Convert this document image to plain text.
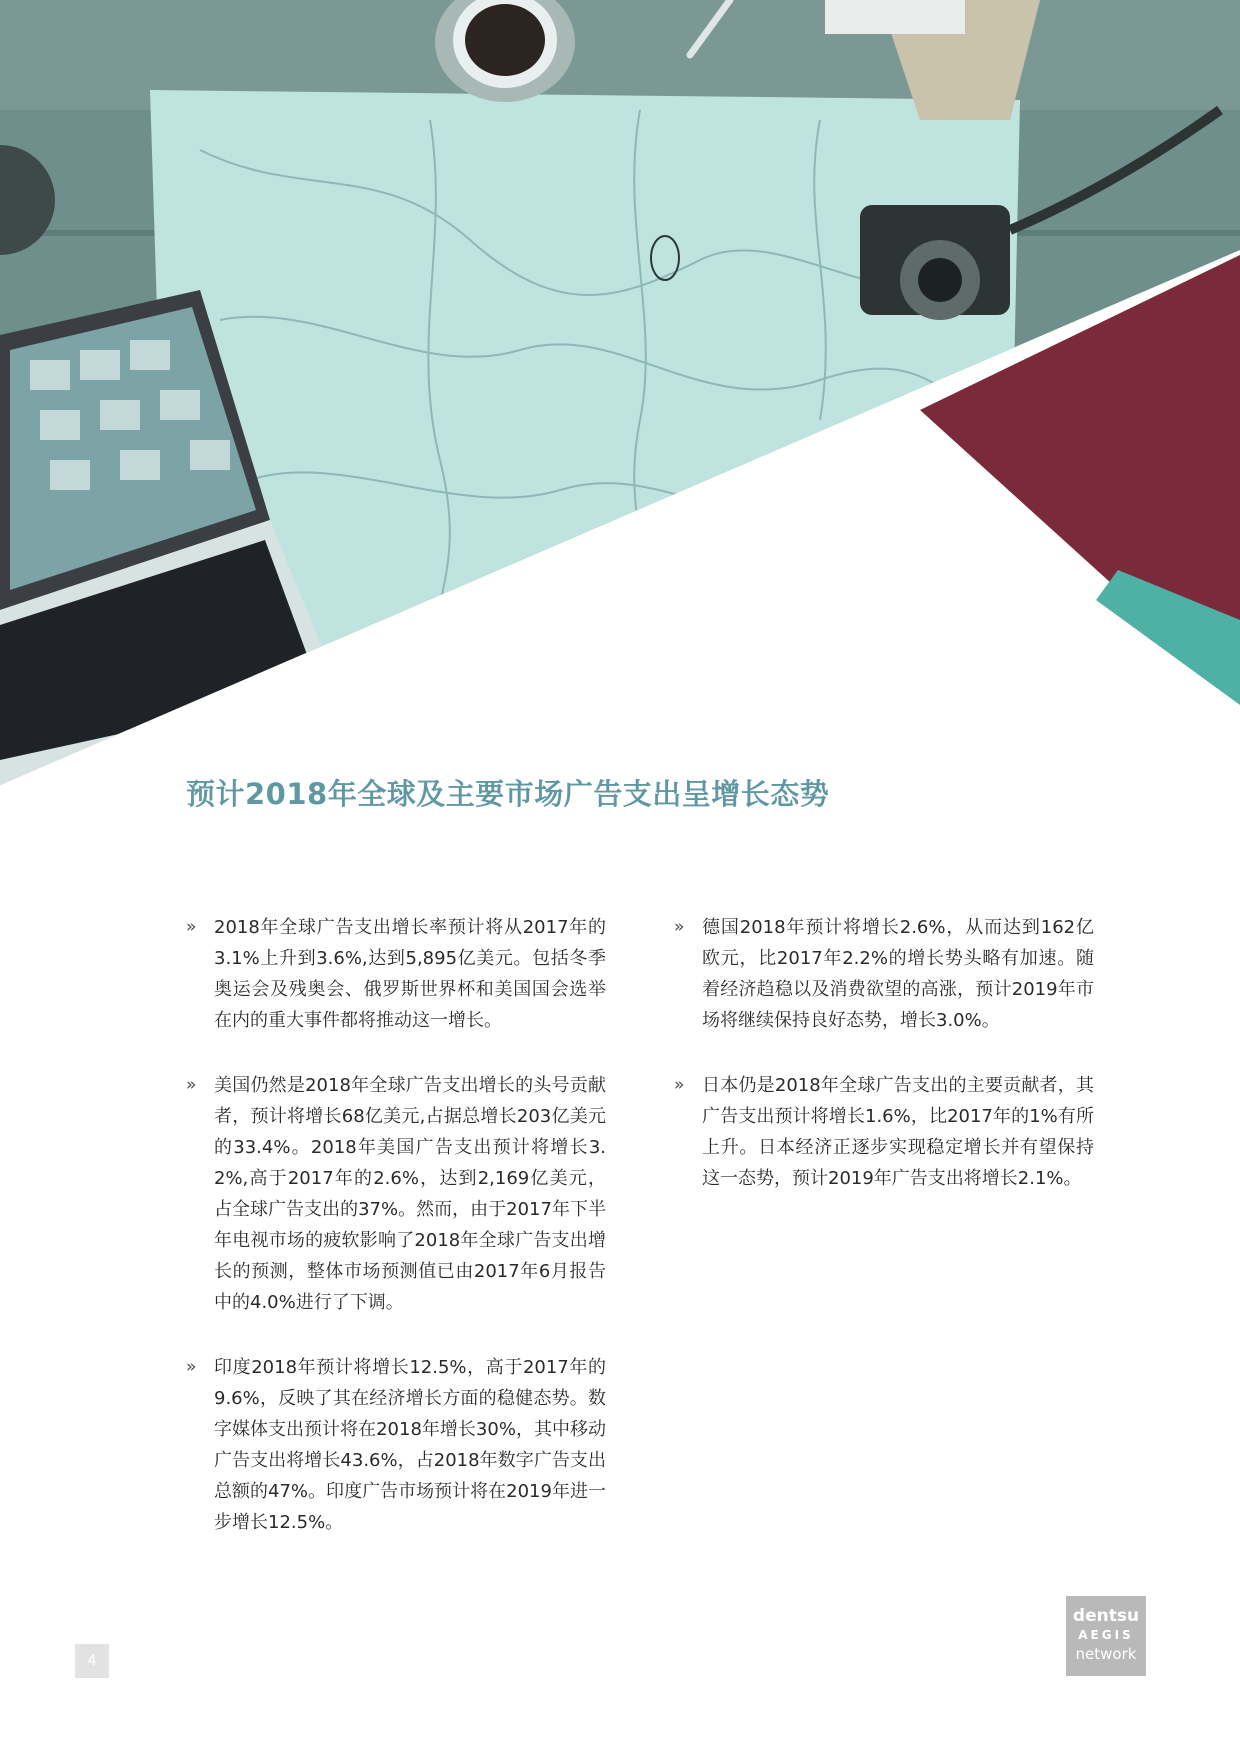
预计2018年全球及主要市场广告支出呈增长态势
» 2018年全球广告支出增长率预计将从2017年的3.1%上升到3.6%,达到5,895亿美元。包括冬季奥运会及残奥会、俄罗斯世界杯和美国国会选举在内的重大事件都将推动这一增长。

» 美国仍然是2018年全球广告支出增长的头号贡献者，预计将增长68亿美元,占据总增长203亿美元的33.4%。2018年美国广告支出预计将增长3.2%,高于2017年的2.6%，达到2,169亿美元，占全球广告支出的37%。然而，由于2017年下半年电视市场的疲软影响了2018年全球广告支出增长的预测，整体市场预测值已由2017年6月报告中的4.0%进行了下调。

» 印度2018年预计将增长12.5%，高于2017年的9.6%，反映了其在经济增长方面的稳健态势。数字媒体支出预计将在2018年增长30%，其中移动广告支出将增长43.6%，占2018年数字广告支出总额的47%。印度广告市场预计将在2019年进一步增长12.5%。

» 德国2018年预计将增长2.6%，从而达到162亿欧元，比2017年2.2%的增长势头略有加速。随着经济趋稳以及消费欲望的高涨，预计2019年市场将继续保持良好态势，增长3.0%。

» 日本仍是2018年全球广告支出的主要贡献者，其广告支出预计将增长1.6%，比2017年的1%有所上升。日本经济正逐步实现稳定增长并有望保持这一态势，预计2019年广告支出将增长2.1%。

4
dentsu
AEGIS
network
